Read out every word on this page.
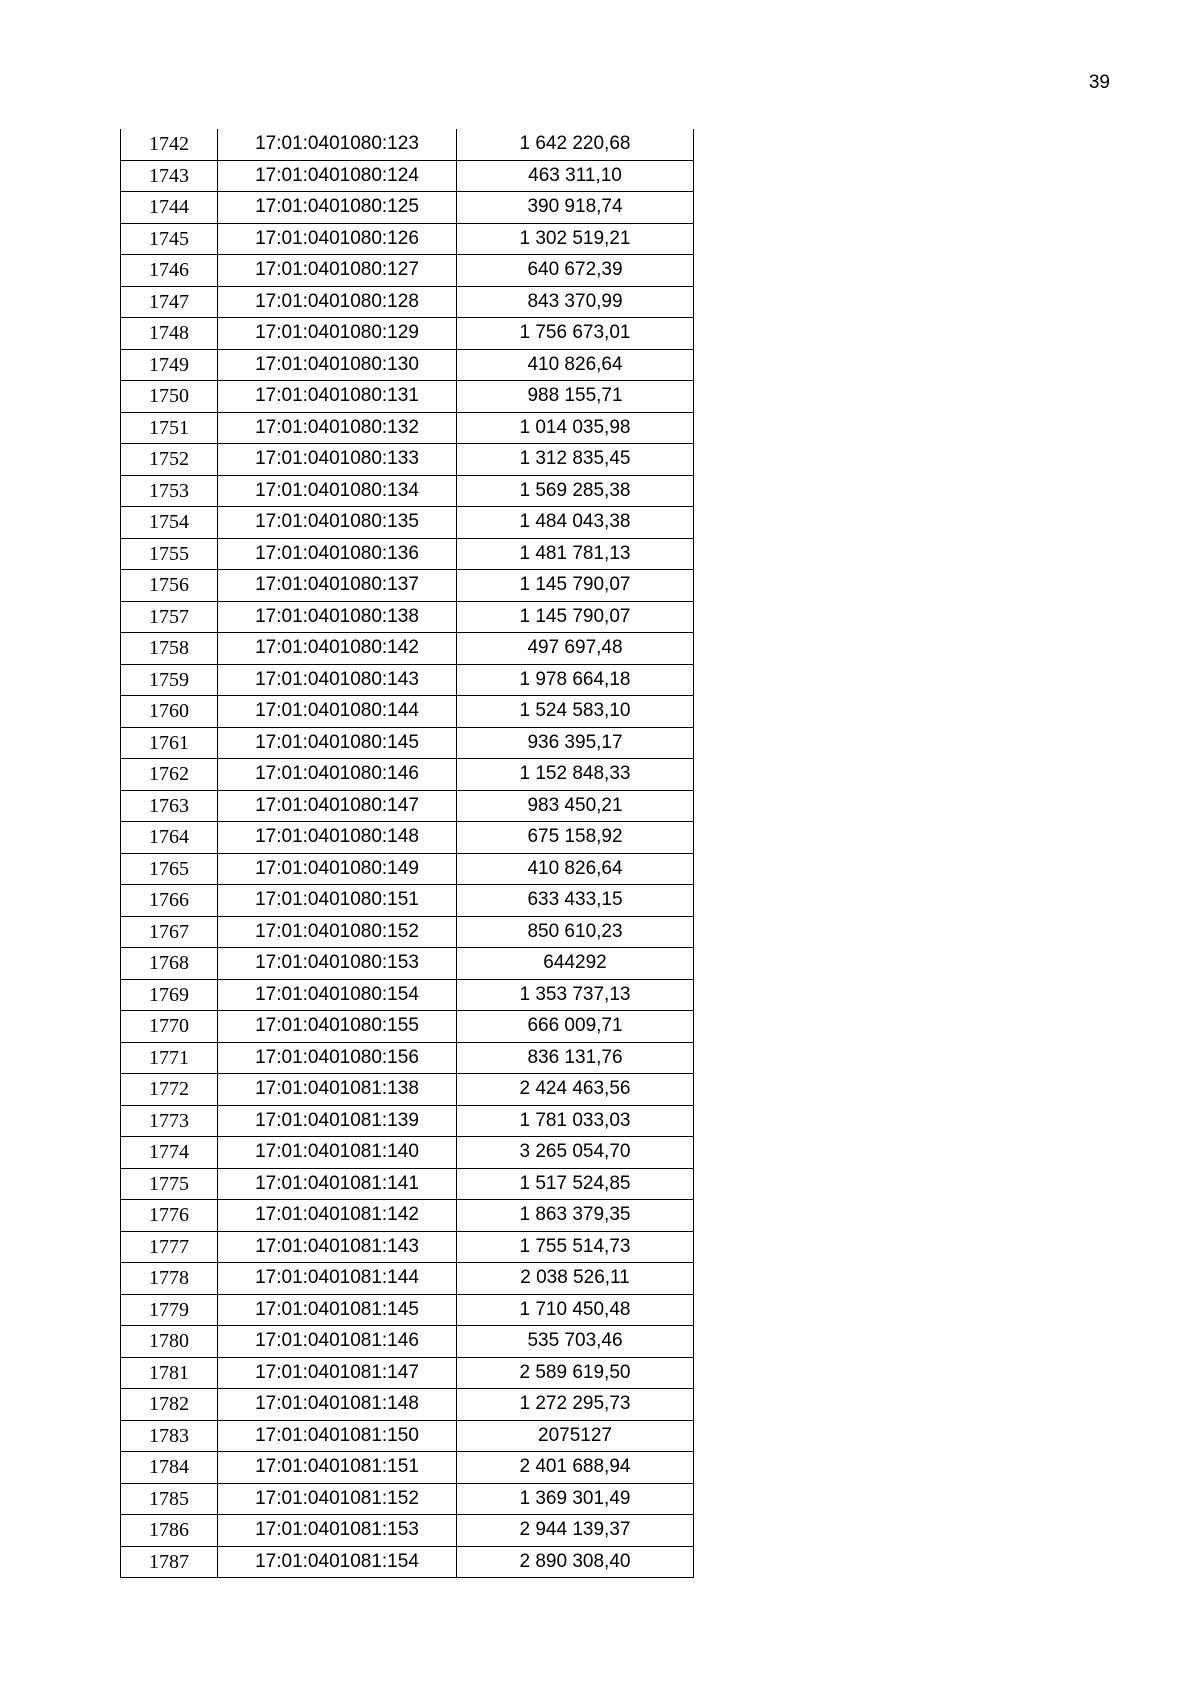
39
1742	17:01:0401080:123	1 642 220,68
1743	17:01:0401080:124	463 311,10
1744	17:01:0401080:125	390 918,74
1745	17:01:0401080:126	1 302 519,21
1746	17:01:0401080:127	640 672,39
1747	17:01:0401080:128	843 370,99
1748	17:01:0401080:129	1 756 673,01
1749	17:01:0401080:130	410 826,64
1750	17:01:0401080:131	988 155,71
1751	17:01:0401080:132	1 014 035,98
1752	17:01:0401080:133	1 312 835,45
1753	17:01:0401080:134	1 569 285,38
1754	17:01:0401080:135	1 484 043,38
1755	17:01:0401080:136	1 481 781,13
1756	17:01:0401080:137	1 145 790,07
1757	17:01:0401080:138	1 145 790,07
1758	17:01:0401080:142	497 697,48
1759	17:01:0401080:143	1 978 664,18
1760	17:01:0401080:144	1 524 583,10
1761	17:01:0401080:145	936 395,17
1762	17:01:0401080:146	1 152 848,33
1763	17:01:0401080:147	983 450,21
1764	17:01:0401080:148	675 158,92
1765	17:01:0401080:149	410 826,64
1766	17:01:0401080:151	633 433,15
1767	17:01:0401080:152	850 610,23
1768	17:01:0401080:153	644292
1769	17:01:0401080:154	1 353 737,13
1770	17:01:0401080:155	666 009,71
1771	17:01:0401080:156	836 131,76
1772	17:01:0401081:138	2 424 463,56
1773	17:01:0401081:139	1 781 033,03
1774	17:01:0401081:140	3 265 054,70
1775	17:01:0401081:141	1 517 524,85
1776	17:01:0401081:142	1 863 379,35
1777	17:01:0401081:143	1 755 514,73
1778	17:01:0401081:144	2 038 526,11
1779	17:01:0401081:145	1 710 450,48
1780	17:01:0401081:146	535 703,46
1781	17:01:0401081:147	2 589 619,50
1782	17:01:0401081:148	1 272 295,73
1783	17:01:0401081:150	2075127
1784	17:01:0401081:151	2 401 688,94
1785	17:01:0401081:152	1 369 301,49
1786	17:01:0401081:153	2 944 139,37
1787	17:01:0401081:154	2 890 308,40
